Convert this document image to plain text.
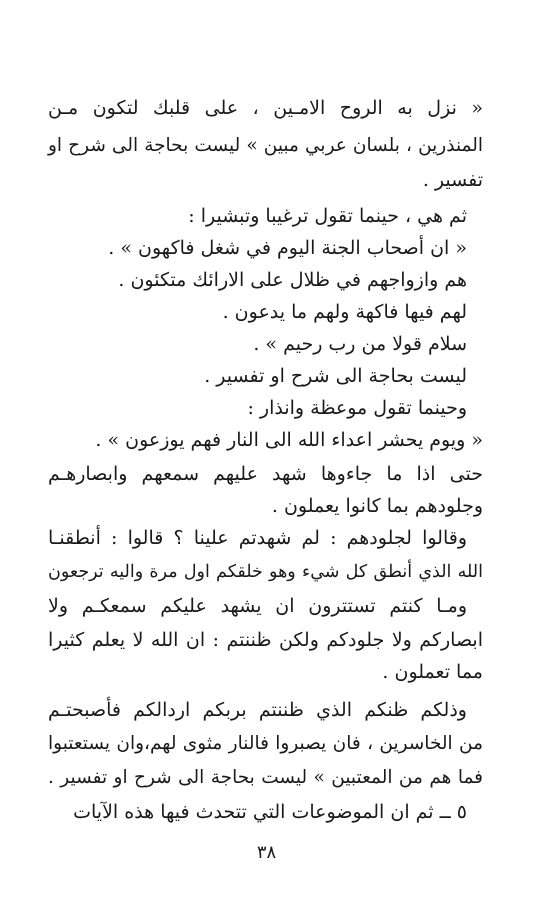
« نزل به الروح الامـين ، على قلبك لتكون مـن
المنذرين ، بلسان عربي مبين » ليست بحاجة الى شرح او
تفسير .
ثم هي ، حينما تقول ترغيبا وتبشيرا :
« ان أصحاب الجنة اليوم في شغل فاكهون » .
هم وازواجهم في ظلال على الارائك متكئون .
لهم فيها فاكهة ولهم ما يدعون .
سلام قولا من رب رحيم » .
ليست بحاجة الى شرح او تفسير .
وحينما تقول موعظة وانذار :
« ويوم يحشر اعداء الله الى النار فهم يوزعون » .
حتى اذا ما جاءوها شهد عليهم سمعهم وابصارهـم
وجلودهم بما كانوا يعملون .
وقالوا لجلودهم : لم شهدتم علينا ؟ قالوا : أنطقنـا
الله الذي أنطق كل شيء وهو خلقكم اول مرة واليه ترجعون
ومـا كنتم تستترون ان يشهد عليكم سمعكـم ولا
ابصاركم ولا جلودكم ولكن ظننتم : ان الله لا يعلم كثيرا
مما تعملون .
وذلكم ظنكم الذي ظننتم بربكم اردالكم فأصبحتـم
من الخاسرين ، فان يصبروا فالنار مثوى لهم،وان يستعتبوا
فما هم من المعتبين » ليست بحاجة الى شرح او تفسير .
٥ ــ ثم ان الموضوعات التي تتحدث فيها هذه الآيات
٣٨
